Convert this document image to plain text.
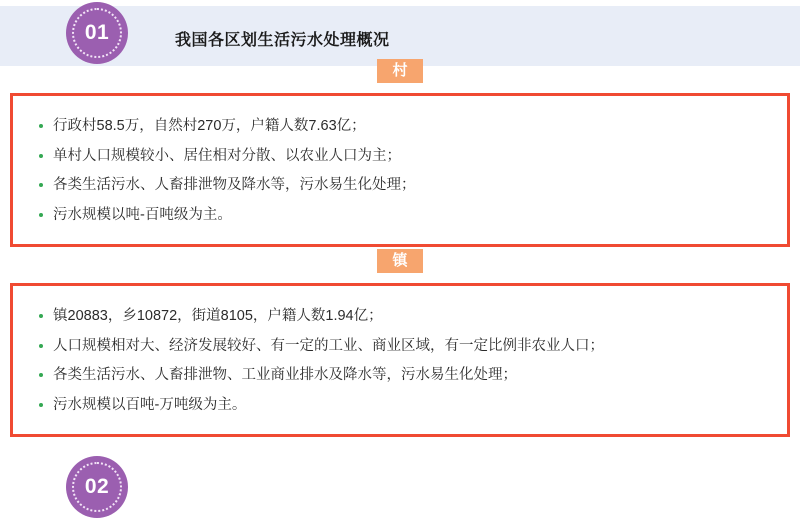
我国各区划生活污水处理概况
01
行政村58.5万，自然村270万，户籍人数7.63亿；
单村人口规模较小、居住相对分散、以农业人口为主；
各类生活污水、人畜排泄物及降水等，污水易生化处理；
污水规模以吨-百吨级为主。
村
镇20883，乡10872，街道8105，户籍人数1.94亿；
人口规模相对大、经济发展较好、有一定的工业、商业区域，有一定比例非农业人口；
各类生活污水、人畜排泄物、工业商业排水及降水等，污水易生化处理；
污水规模以百吨-万吨级为主。
镇
02
